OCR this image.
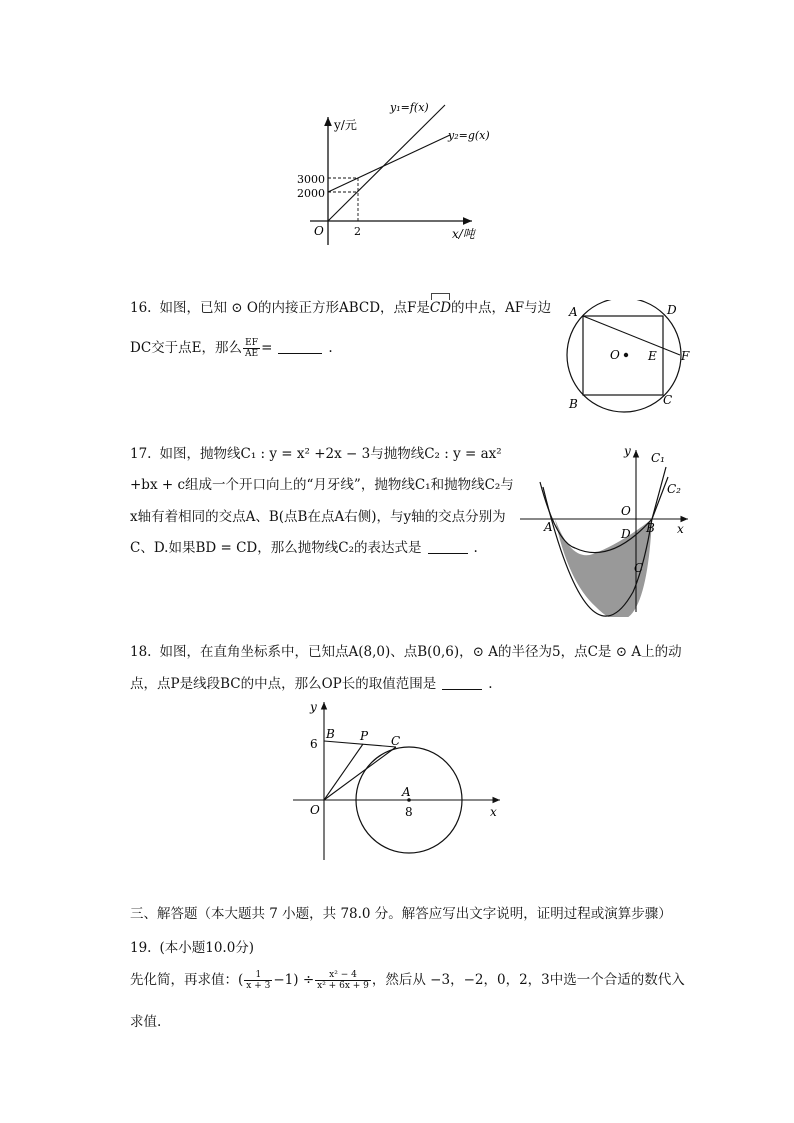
y/元
x/吨
O
3000
2000
2
y₁=f(x)
y₂=g(x)
16. 如图，已知 ⊙ O的内接正方形ABCD，点F是
CD的中点，AF与边
DC交于点E，那么 $\frac{EF}{AE}$ =	.
A	D
B	C
O E F
17. 如图，抛物线C₁ : y = x² +2x − 3与抛物线C₂ : y = ax²
+bx + c组成一个开口向上的“月牙线”，抛物线C₁和抛物线C₂与
x轴有着相同的交点A、B(点B在点A右侧)，与y轴的交点分别为
C、D.如果BD = CD，那么抛物线C₂的表达式是	.
y
x
C₁
C₂
O
A	B
D
C
18. 如图，在直角坐标系中，已知点A(8,0)、点B(0,6)，⊙ A的半径为5，点C是 ⊙ A上的动
点，点P是线段BC的中点，那么OP长的取值范围是	.
y
6
B P C
A
8
O	x
三、解答题（本大题共 7 小题，共 78.0 分。解答应写出文字说明，证明过程或演算步骤）
19. (本小题10.0分)
先化简，再求值：( $\frac{1}{x + 3} -1) \div \frac{\text{x² − 4}}{\text{x² + 6x + 9}}$ ，然后从 −3，−2，0，2，3中选一个合适的数代入
求值.
